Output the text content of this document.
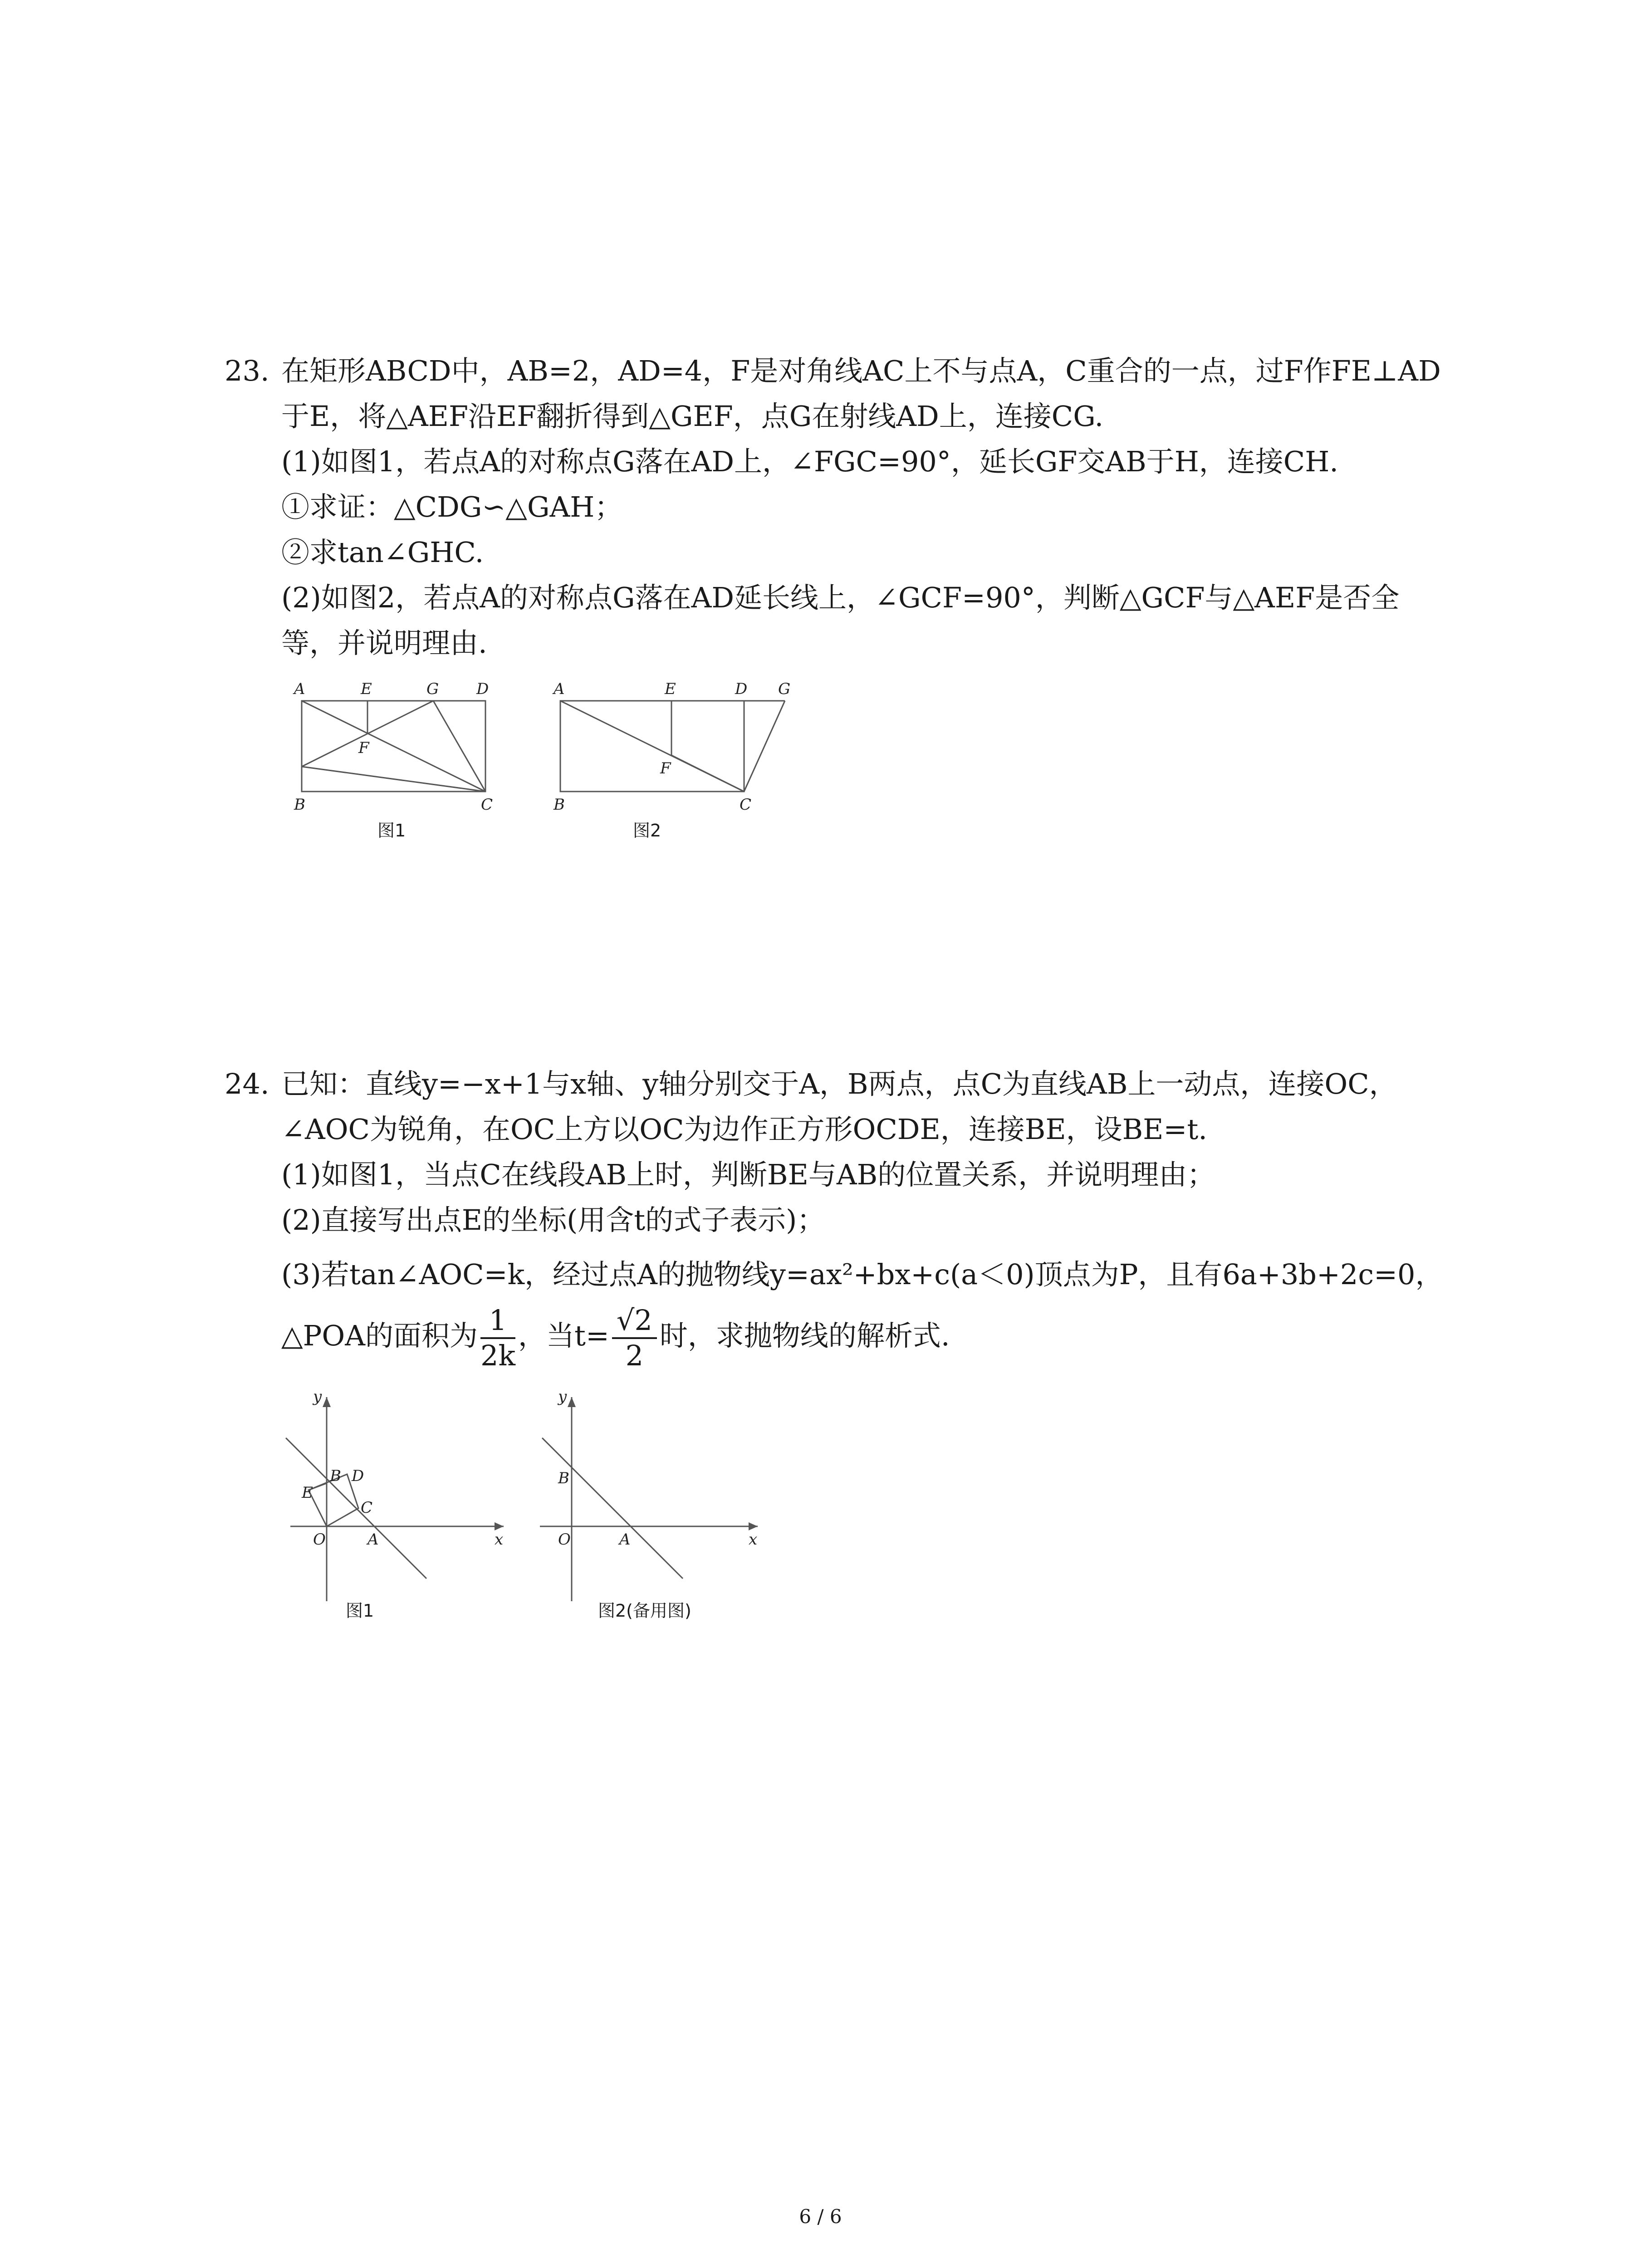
23. 在矩形ABCD中，AB=2，AD=4，F是对角线AC上不与点A，C重合的一点，过F作FE⊥AD
于E，将△AEF沿EF翻折得到△GEF，点G在射线AD上，连接CG.
(1)如图1，若点A的对称点G落在AD上，∠FGC=90°，延长GF交AB于H，连接CH.
①求证：△CDG∽△GAH；
②求tan∠GHC.
(2)如图2，若点A的对称点G落在AD延长线上，∠GCF=90°，判断△GCF与△AEF是否全
等，并说明理由.
A	E	G D
F
B	C
图1
A	E	D G
F
B	C
图2
24. 已知：直线y=−x+1与x轴、y轴分别交于A，B两点，点C为直线AB上一动点，连接OC，
∠AOC为锐角，在OC上方以OC为边作正方形OCDE，连接BE，设BE=t.
(1)如图1，当点C在线段AB上时，判断BE与AB的位置关系，并说明理由；
(2)直接写出点E的坐标(用含t的式子表示)；
(3)若tan∠AOC=k，经过点A的抛物线y=ax²+bx+c(a＜0)顶点为P，且有6a+3b+2c=0，
△POA的面积为 $\frac{1}{2k}$ ，当$t= \frac{√2}{2}$ 时，求抛物线的解析式.
y
B D
E
C
O	A	x
图1
y
B
O	A	x
图2(备用图)
6 / 6
